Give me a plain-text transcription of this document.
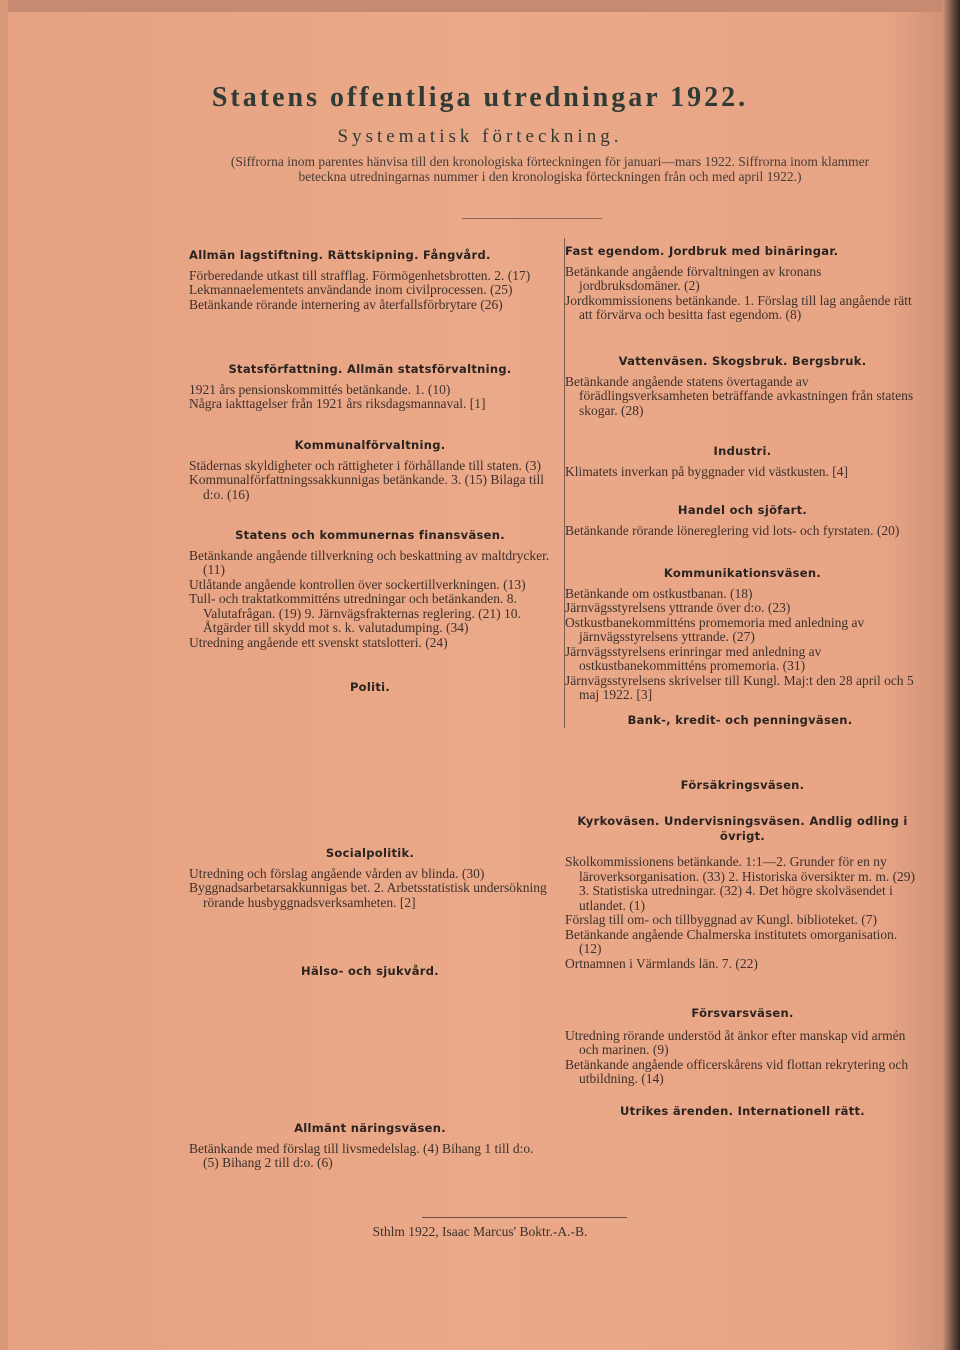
Statens offentliga utredningar 1922.
Systematisk förteckning.
(Siffrorna inom parentes hänvisa till den kronologiska förteckningen för januari—mars 1922. Siffrorna inom klammer beteckna utredningarnas nummer i den kronologiska förteckningen från och med april 1922.)
Allmän lagstiftning. Rättskipning. Fångvård.

Förberedande utkast till strafflag. Förmögenhetsbrotten. 2. (17)

Lekmannaelementets användande inom civilprocessen. (25)

Betänkande rörande internering av återfallsförbrytare (26)

Statsförfattning. Allmän statsförvaltning.

1921 års pensionskommittés betänkande. 1. (10)

Några iakttagelser från 1921 års riksdagsmannaval. [1]

Kommunalförvaltning.

Städernas skyldigheter och rättigheter i förhållande till staten. (3)

Kommunalförfattningssakkunnigas betänkande. 3. (15) Bilaga till d:o. (16)

Statens och kommunernas finansväsen.

Betänkande angående tillverkning och beskattning av maltdrycker. (11)

Utlåtande angående kontrollen över sockertillverkningen. (13)

Tull- och traktatkommitténs utredningar och betänkanden. 8. Valutafrågan. (19) 9. Järnvägsfrakternas reglering. (21) 10. Åtgärder till skydd mot s. k. valutadumping. (34)

Utredning angående ett svenskt statslotteri. (24)

Politi.
Socialpolitik.

Utredning och förslag angående vården av blinda. (30)

Byggnadsarbetarsakkunnigas bet. 2. Arbetsstatistisk undersökning rörande husbyggnadsverksamheten. [2]

Hälso- och sjukvård.
Allmänt näringsväsen.

Betänkande med förslag till livsmedelslag. (4) Bihang 1 till d:o. (5) Bihang 2 till d:o. (6)

Fast egendom. Jordbruk med binäringar.

Betänkande angående förvaltningen av kronans jordbruksdomäner. (2)

Jordkommissionens betänkande. 1. Förslag till lag angående rätt att förvärva och besitta fast egendom. (8)

Vattenväsen. Skogsbruk. Bergsbruk.

Betänkande angående statens övertagande av förädlingsverksamheten beträffande avkastningen från statens skogar. (28)

Industri.

Klimatets inverkan på byggnader vid västkusten. [4]

Handel och sjöfart.

Betänkande rörande lönereglering vid lots- och fyrstaten. (20)

Kommunikationsväsen.

Betänkande om ostkustbanan. (18)

Järnvägsstyrelsens yttrande över d:o. (23)

Ostkustbanekommitténs promemoria med anledning av järnvägsstyrelsens yttrande. (27)

Järnvägsstyrelsens erinringar med anledning av ostkustbanekommitténs promemoria. (31)

Järnvägsstyrelsens skrivelser till Kungl. Maj:t den 28 april och 5 maj 1922. [3]

Bank-, kredit- och penningväsen.
Försäkringsväsen.
Kyrkoväsen. Undervisningsväsen. Andlig odling i övrigt.

Skolkommissionens betänkande. 1:1—2. Grunder för en ny läroverksorganisation. (33) 2. Historiska översikter m. m. (29) 3. Statistiska utredningar. (32) 4. Det högre skolväsendet i utlandet. (1)

Förslag till om- och tillbyggnad av Kungl. biblioteket. (7)

Betänkande angående Chalmerska institutets omorganisation. (12)

Ortnamnen i Värmlands län. 7. (22)

Försvarsväsen.

Utredning rörande understöd åt änkor efter manskap vid armén och marinen. (9)

Betänkande angående officerskårens vid flottan rekrytering och utbildning. (14)

Utrikes ärenden. Internationell rätt.
Sthlm 1922, Isaac Marcus' Boktr.-A.-B.
